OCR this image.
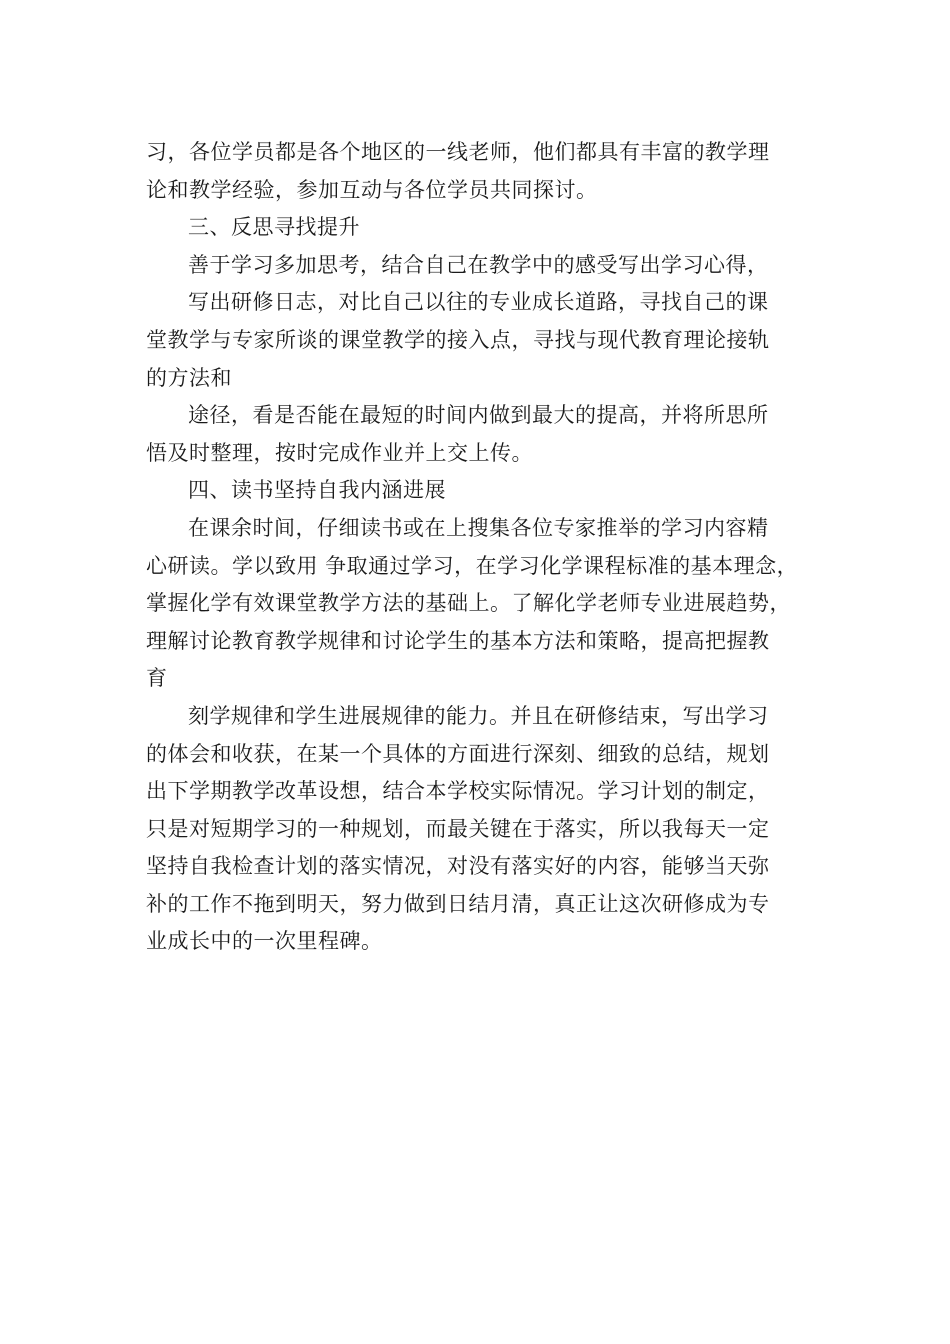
习，各位学员都是各个地区的一线老师，他们都具有丰富的教学理
论和教学经验，参加互动与各位学员共同探讨。
三、反思寻找提升
善于学习多加思考，结合自己在教学中的感受写出学习心得，
写出研修日志，对比自己以往的专业成长道路，寻找自己的课
堂教学与专家所谈的课堂教学的接入点，寻找与现代教育理论接轨
的方法和
途径，看是否能在最短的时间内做到最大的提高，并将所思所
悟及时整理，按时完成作业并上交上传。
四、读书坚持自我内涵进展
在课余时间，仔细读书或在上搜集各位专家推举的学习内容精
心研读。学以致用 争取通过学习，在学习化学课程标准的基本理念，
掌握化学有效课堂教学方法的基础上。了解化学老师专业进展趋势，
理解讨论教育教学规律和讨论学生的基本方法和策略，提高把握教
育
刻学规律和学生进展规律的能力。并且在研修结束，写出学习
的体会和收获，在某一个具体的方面进行深刻、细致的总结，规划
出下学期教学改革设想，结合本学校实际情况。学习计划的制定，
只是对短期学习的一种规划，而最关键在于落实，所以我每天一定
坚持自我检查计划的落实情况，对没有落实好的内容，能够当天弥
补的工作不拖到明天，努力做到日结月清，真正让这次研修成为专
业成长中的一次里程碑。
